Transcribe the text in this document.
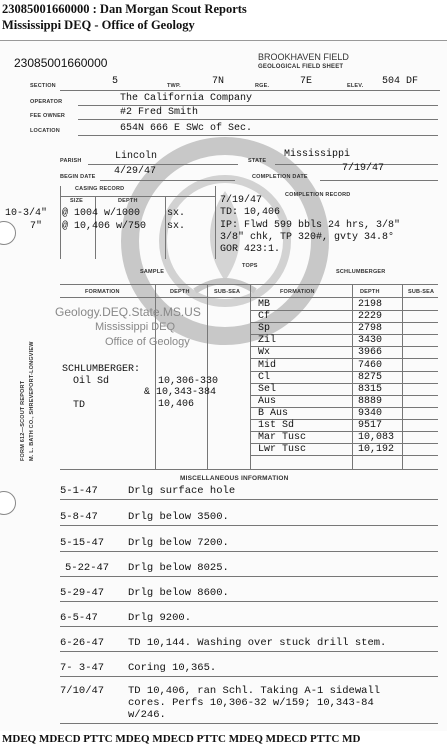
23085001660000 : Dan Morgan Scout Reports
Mississippi DEQ - Office of Geology
23085001660000	BROOKHAVEN FIELD
GEOLOGICAL FIELD SHEET
SECTION	5	TWP.	7N	RGE.	7E	ELEV. 504 DF
OPERATOR	The California Company
FEE OWNER	#2 Fred Smith
LOCATION	654N 666 E SWc of Sec.
PARISH	Lincoln	STATE
Mississippi
BEGIN DATE 4/29/47	COMPLETION DATE
7/19/47
CASING RECORD
SIZE	DEPTH
COMPLETION RECORD
10-3/4" @ 1004 w/1000	sx.
7" @ 10,406 w/750 sx.
7/19/47
TD: 10,406
IP: Flwd 599 bbls 24 hrs, 3/8"
3/8" chk, TP 320#, gvty 34.8°
GOR 423:1.
SAMPLE
TOPS
SCHLUMBERGER
FORMATION	DEPTH	SUB-SEA	FORMATION	DEPTH	SUB-SEA
SCHLUMBERGER:
Oil Sd	10,306-330
& 10,343-384
TD	10,406
MB	2198
Cf	2229
Sp	2798
Zil	3430
Wx	3966
Mid	7460
Cl	8275
Sel	8315
Aus	8889
B Aus	9340
1st Sd	9517
Mar Tusc	10,083
Lwr Tusc	10,192
Geology.DEQ.State.MS.US
Mississippi DEQ
Office of Geology
FORM 612—SCOUT REPORT M. L. BATH CO., SHREVEPORT-LONGVIEW
MISCELLANEOUS INFORMATION
5-1-47	Drlg surface hole
5-8-47	Drlg below 3500.
5-15-47 Drlg below 7200.
5-22-47 Drlg below 8025.
5-29-47 Drlg below 8600.
6-5-47	Drlg 9200.
6-26-47 TD 10,144. Washing over stuck drill stem.
7- 3-47 Coring 10,365.
7/10/47 TD 10,406, ran Schl. Taking A-1 sidewall
cores. Perfs 10,306-32 w/159; 10,343-84
w/246.
MDEQ MDECD PTTC MDEQ MDECD PTTC MDEQ MDECD PTTC MD
